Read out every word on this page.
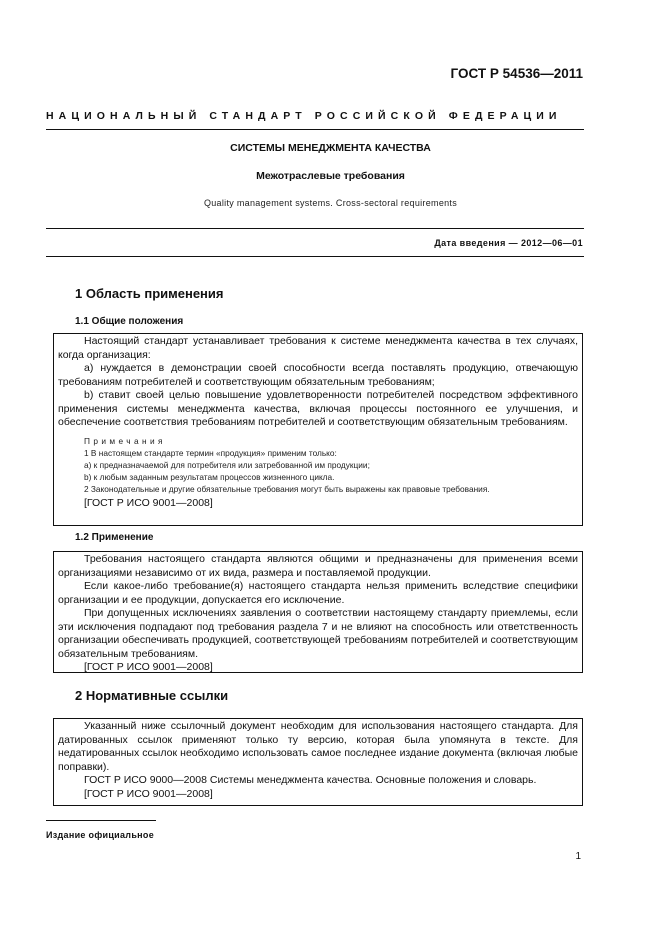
ГОСТ Р 54536—2011
НАЦИОНАЛЬНЫЙ СТАНДАРТ РОССИЙСКОЙ ФЕДЕРАЦИИ
СИСТЕМЫ МЕНЕДЖМЕНТА КАЧЕСТВА
Межотраслевые требования
Quality management systems. Cross-sectoral requirements
Дата введения — 2012—06—01
1 Область применения
1.1 Общие положения

Настоящий стандарт устанавливает требования к системе менеджмента качества в тех случаях, когда организация:

a) нуждается в демонстрации своей способности всегда поставлять продукцию, отвечающую требованиям потребителей и соответствующим обязательным требованиям;

b) ставит своей целью повышение удовлетворенности потребителей посредством эффективного применения системы менеджмента качества, включая процессы постоянного ее улучшения, и обеспечение соответствия требованиям потребителей и соответствующим обязательным требованиям.

Примечания
1 В настоящем стандарте термин «продукция» применим только:
a) к предназначаемой для потребителя или затребованной им продукции;
b) к любым заданным результатам процессов жизненного цикла.
2 Законодательные и другие обязательные требования могут быть выражены как правовые требования.
[ГОСТ Р ИСО 9001—2008]
1.2 Применение

Требования настоящего стандарта являются общими и предназначены для применения всеми организациями независимо от их вида, размера и поставляемой продукции.

Если какое-либо требование(я) настоящего стандарта нельзя применить вследствие специфики организации и ее продукции, допускается его исключение.

При допущенных исключениях заявления о соответствии настоящему стандарту приемлемы, если эти исключения подпадают под требования раздела 7 и не влияют на способность или ответственность организации обеспечивать продукцией, соответствующей требованиям потребителей и соответствующим обязательным требованиям.

[ГОСТ Р ИСО 9001—2008]
2 Нормативные ссылки

Указанный ниже ссылочный документ необходим для использования настоящего стандарта. Для датированных ссылок применяют только ту версию, которая была упомянута в тексте. Для недатированных ссылок необходимо использовать самое последнее издание документа (включая любые поправки).

ГОСТ Р ИСО 9000—2008 Системы менеджмента качества. Основные положения и словарь.

[ГОСТ Р ИСО 9001—2008]
Издание официальное
1
